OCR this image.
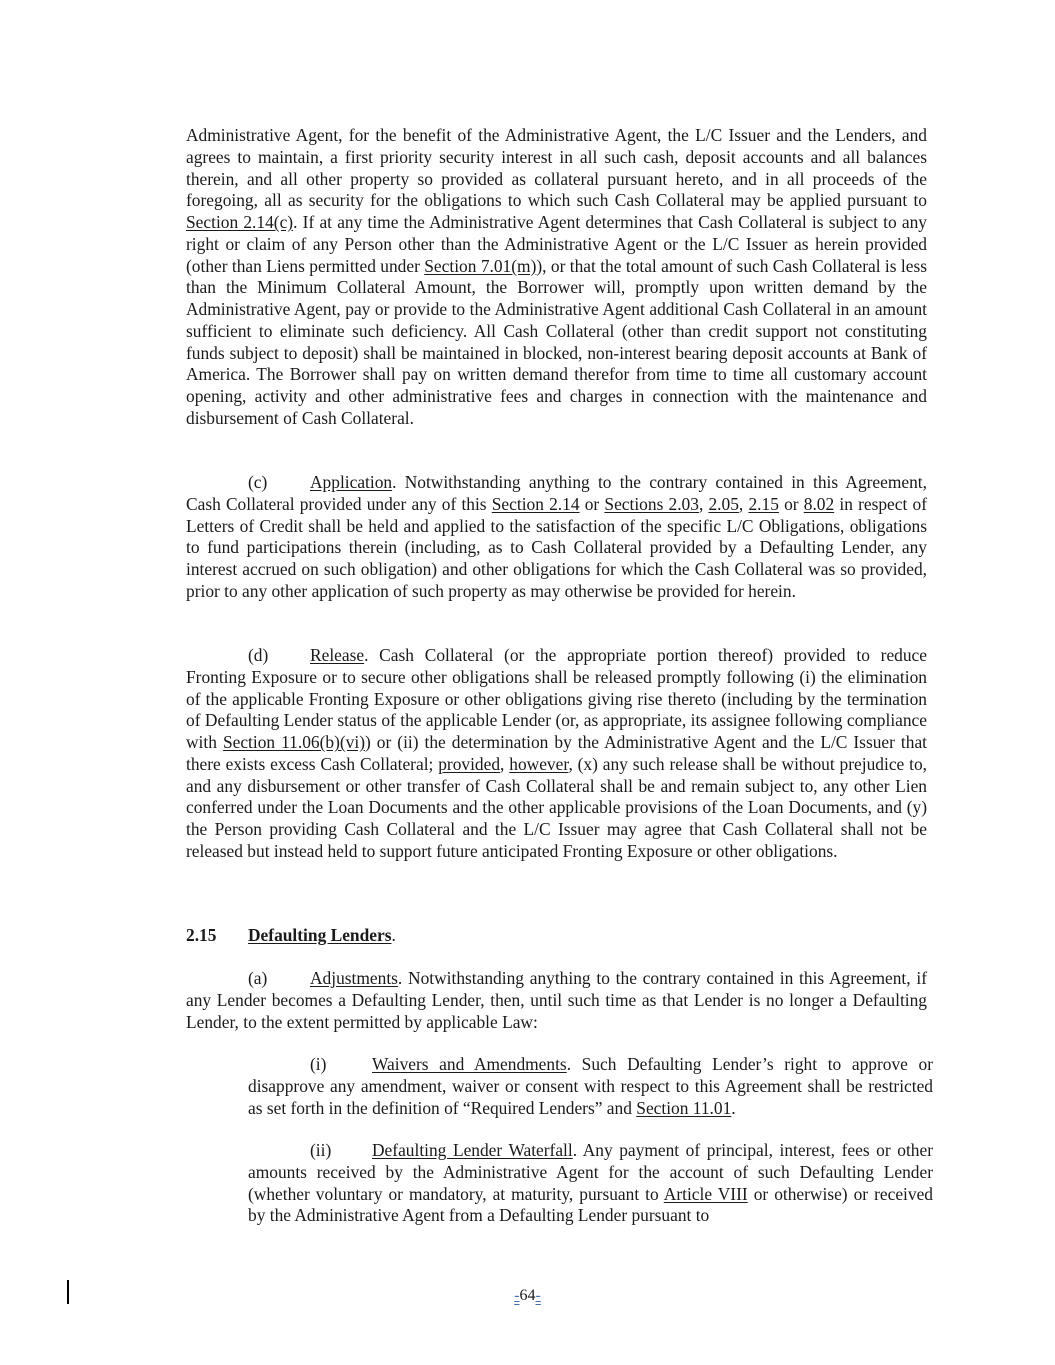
Administrative Agent, for the benefit of the Administrative Agent, the L/C Issuer and the Lenders, and agrees to maintain, a first priority security interest in all such cash, deposit accounts and all balances therein, and all other property so provided as collateral pursuant hereto, and in all proceeds of the foregoing, all as security for the obligations to which such Cash Collateral may be applied pursuant to Section 2.14(c). If at any time the Administrative Agent determines that Cash Collateral is subject to any right or claim of any Person other than the Administrative Agent or the L/C Issuer as herein provided (other than Liens permitted under Section 7.01(m)), or that the total amount of such Cash Collateral is less than the Minimum Collateral Amount, the Borrower will, promptly upon written demand by the Administrative Agent, pay or provide to the Administrative Agent additional Cash Collateral in an amount sufficient to eliminate such deficiency. All Cash Collateral (other than credit support not constituting funds subject to deposit) shall be maintained in blocked, non-interest bearing deposit accounts at Bank of America. The Borrower shall pay on written demand therefor from time to time all customary account opening, activity and other administrative fees and charges in connection with the maintenance and disbursement of Cash Collateral.

(c) Application. Notwithstanding anything to the contrary contained in this Agreement, Cash Collateral provided under any of this Section 2.14 or Sections 2.03, 2.05, 2.15 or 8.02 in respect of Letters of Credit shall be held and applied to the satisfaction of the specific L/C Obligations, obligations to fund participations therein (including, as to Cash Collateral provided by a Defaulting Lender, any interest accrued on such obligation) and other obligations for which the Cash Collateral was so provided, prior to any other application of such property as may otherwise be provided for herein.

(d) Release. Cash Collateral (or the appropriate portion thereof) provided to reduce Fronting Exposure or to secure other obligations shall be released promptly following (i) the elimination of the applicable Fronting Exposure or other obligations giving rise thereto (including by the termination of Defaulting Lender status of the applicable Lender (or, as appropriate, its assignee following compliance with Section 11.06(b)(vi)) or (ii) the determination by the Administrative Agent and the L/C Issuer that there exists excess Cash Collateral; provided, however, (x) any such release shall be without prejudice to, and any disbursement or other transfer of Cash Collateral shall be and remain subject to, any other Lien conferred under the Loan Documents and the other applicable provisions of the Loan Documents, and (y) the Person providing Cash Collateral and the L/C Issuer may agree that Cash Collateral shall not be released but instead held to support future anticipated Fronting Exposure or other obligations.

2.15 Defaulting Lenders.

(a) Adjustments. Notwithstanding anything to the contrary contained in this Agreement, if any Lender becomes a Defaulting Lender, then, until such time as that Lender is no longer a Defaulting Lender, to the extent permitted by applicable Law:

(i)	Waivers and Amendments. Such Defaulting Lender’s right to approve or disapprove any amendment, waiver or consent with respect to this Agreement shall be restricted as set forth in the definition of “Required Lenders” and Section 11.01.

(ii) Defaulting Lender Waterfall. Any payment of principal, interest, fees or other amounts received by the Administrative Agent for the account of such Defaulting Lender (whether voluntary or mandatory, at maturity, pursuant to Article VIII or otherwise) or received by the Administrative Agent from a Defaulting Lender pursuant to

-64-
